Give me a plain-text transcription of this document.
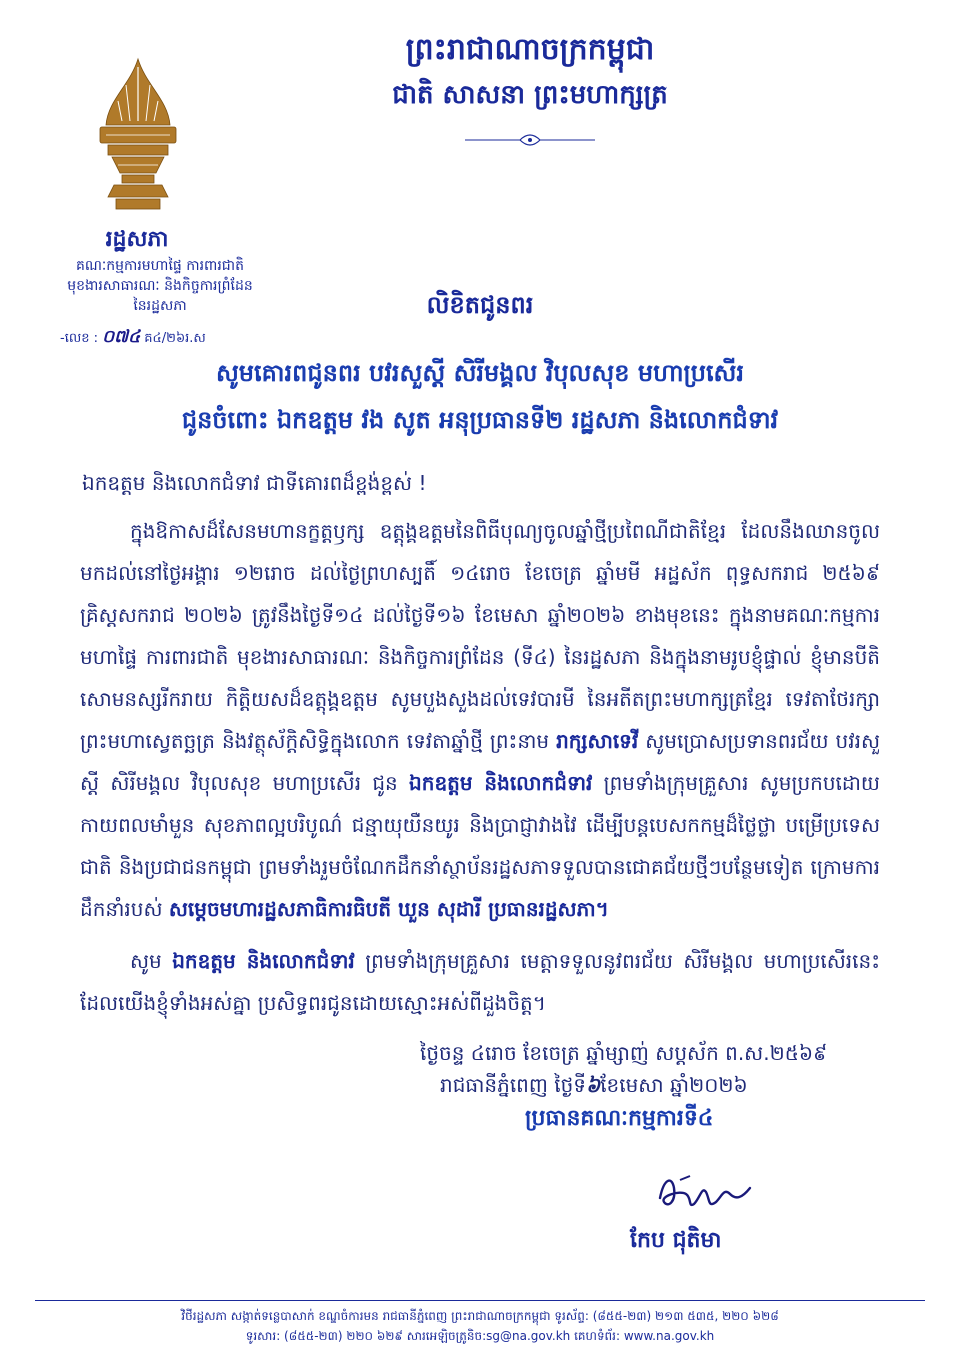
ព្រះរាជាណាចក្រកម្ពុជា
ជាតិ សាសនា ព្រះមហាក្សត្រ
រដ្ឋសភា
គណៈកម្មការមហាផ្ទៃ ការពារជាតិ
មុខងារសាធារណៈ និងកិច្ចការព្រំដែន
នៃរដ្ឋសភា
-លេខ : ០៧៤ គ៤/២៦រ.ស
លិខិតជូនពរ
សូមគោរពជូនពរ បវរសួស្តី សិរីមង្គល វិបុលសុខ មហាប្រសើរ
ជូនចំពោះ ឯកឧត្តម វង សូត អនុប្រធានទី២ រដ្ឋសភា និងលោកជំទាវ
ឯកឧត្តម និងលោកជំទាវ ជាទីគោរពដ៏ខ្ពង់ខ្ពស់ !
ក្នុងឱកាសដ៏សែនមហានក្ខត្តឫក្ស ឧត្តុង្គឧត្តមនៃពិធីបុណ្យចូលឆ្នាំថ្មីប្រពៃណីជាតិខ្មែរ ដែលនឹងឈានចូលមកដល់នៅថ្ងៃអង្គារ ១២រោច ដល់ថ្ងៃព្រហស្បតិ៍ ១៤រោច ខែចេត្រ ឆ្នាំមមី អដ្ឋស័ក ពុទ្ធសករាជ ២៥៦៩ គ្រិស្តសករាជ ២០២៦ ត្រូវនឹងថ្ងៃទី១៤ ដល់ថ្ងៃទី១៦ ខែមេសា ឆ្នាំ២០២៦ ខាងមុខនេះ ក្នុងនាមគណៈកម្មការមហាផ្ទៃ ការពារជាតិ មុខងារសាធារណៈ និងកិច្ចការព្រំដែន (ទី៤) នៃរដ្ឋសភា និងក្នុងនាមរូបខ្ញុំផ្ទាល់ ខ្ញុំមានបីតិសោមនស្សរីករាយ កិត្តិយសដ៏ឧត្តុង្គឧត្តម សូមបួងសួងដល់ទេវបារមី នៃអតីតព្រះមហាក្សត្រខ្មែរ ទេវតាថែរក្សាព្រះមហាស្វេតច្ឆត្រ និងវត្ថុស័ក្តិសិទ្ធិក្នុងលោក ទេវតាឆ្នាំថ្មី ព្រះនាម រាក្សសាទេវី សូមប្រោសប្រទានពរជ័យ បវរសួស្តី សិរីមង្គល វិបុលសុខ មហាប្រសើរ ជូន ឯកឧត្តម និងលោកជំទាវ ព្រមទាំងក្រុមគ្រួសារ សូមប្រកបដោយកាយពលមាំមួន សុខភាពល្អបរិបូណ៌ ជន្មាយុយឺនយូរ និងប្រាជ្ញាវាងវៃ ដើម្បីបន្តបេសកកម្មដ៏ថ្លៃថ្លា បម្រើប្រទេសជាតិ និងប្រជាជនកម្ពុជា ព្រមទាំងរួមចំណែកដឹកនាំស្ថាប័នរដ្ឋសភាទទួលបានជោគជ័យថ្មីៗបន្ថែមទៀត ក្រោមការដឹកនាំរបស់ សម្តេចមហារដ្ឋសភាធិការធិបតី ឃួន សុដារី ប្រធានរដ្ឋសភា។
សូម ឯកឧត្តម និងលោកជំទាវ ព្រមទាំងក្រុមគ្រួសារ មេត្តាទទួលនូវពរជ័យ សិរីមង្គល មហាប្រសើរនេះ ដែលយើងខ្ញុំទាំងអស់គ្នា ប្រសិទ្ធពរជូនដោយស្មោះអស់ពីដួងចិត្ត។
ថ្ងៃចន្ទ ៤រោច ខែចេត្រ ឆ្នាំម្សាញ់ សប្តស័ក ព.ស.២៥៦៩
រាជធានីភ្នំពេញ ថ្ងៃទី៦ខែមេសា ឆ្នាំ២០២៦
ប្រធានគណៈកម្មការទី៤
កែប ជុតិមា
វិថីរដ្ឋសភា សង្កាត់ទន្លេបាសាក់ ខណ្ឌចំការមន រាជធានីភ្នំពេញ ព្រះរាជាណាចក្រកម្ពុជា ទូរស័ព្ទ: (៨៥៥-២៣) ២១៣ ៥៣៥, ២២០ ៦២៨
ទូរសារ: (៨៥៥-២៣) ២២០ ៦២៩ សារអេឡិចត្រូនិច:sg@na.gov.kh គេហទំព័រ: www.na.gov.kh
